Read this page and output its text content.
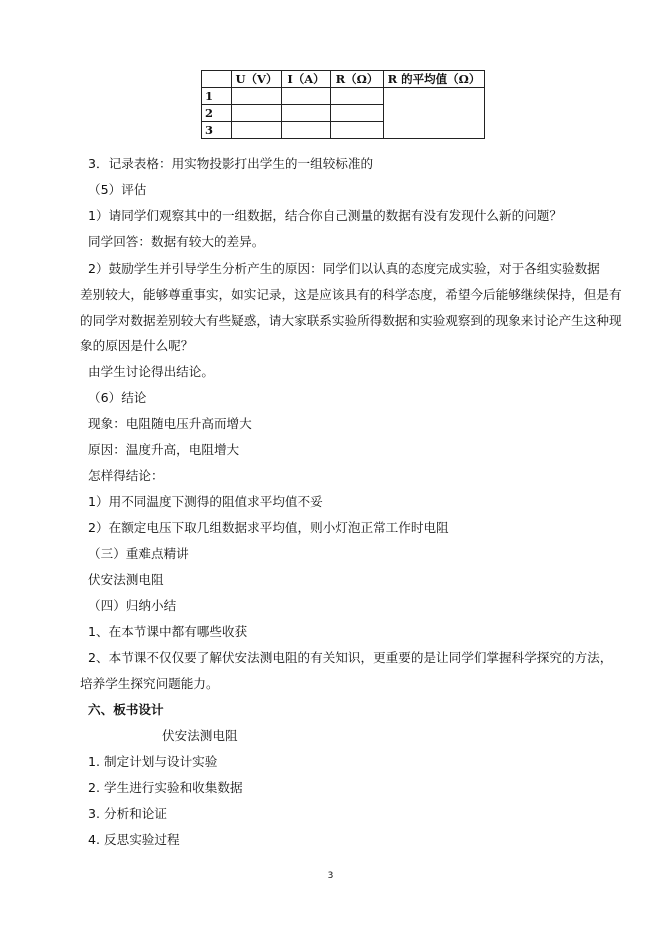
	U（V）	I（A）	R（Ω）	R 的平均值（Ω）
1				
2				
3				
3．记录表格：用实物投影打出学生的一组较标准的
（5）评估
1）请同学们观察其中的一组数据，结合你自己测量的数据有没有发现什么新的问题？
同学回答：数据有较大的差异。
2）鼓励学生并引导学生分析产生的原因：同学们以认真的态度完成实验，对于各组实验数据
差别较大，能够尊重事实，如实记录，这是应该具有的科学态度，希望今后能够继续保持，但是有
的同学对数据差别较大有些疑惑，请大家联系实验所得数据和实验观察到的现象来讨论产生这种现
象的原因是什么呢？
由学生讨论得出结论。
（6）结论
现象：电阻随电压升高而增大
原因：温度升高，电阻增大
怎样得结论：
1）用不同温度下测得的阻值求平均值不妥
2）在额定电压下取几组数据求平均值，则小灯泡正常工作时电阻
（三）重难点精讲
伏安法测电阻
（四）归纳小结
1、在本节课中都有哪些收获
2、本节课不仅仅要了解伏安法测电阻的有关知识，更重要的是让同学们掌握科学探究的方法，
培养学生探究问题能力。
六、板书设计
伏安法测电阻
1. 制定计划与设计实验
2. 学生进行实验和收集数据
3. 分析和论证
4. 反思实验过程
3
